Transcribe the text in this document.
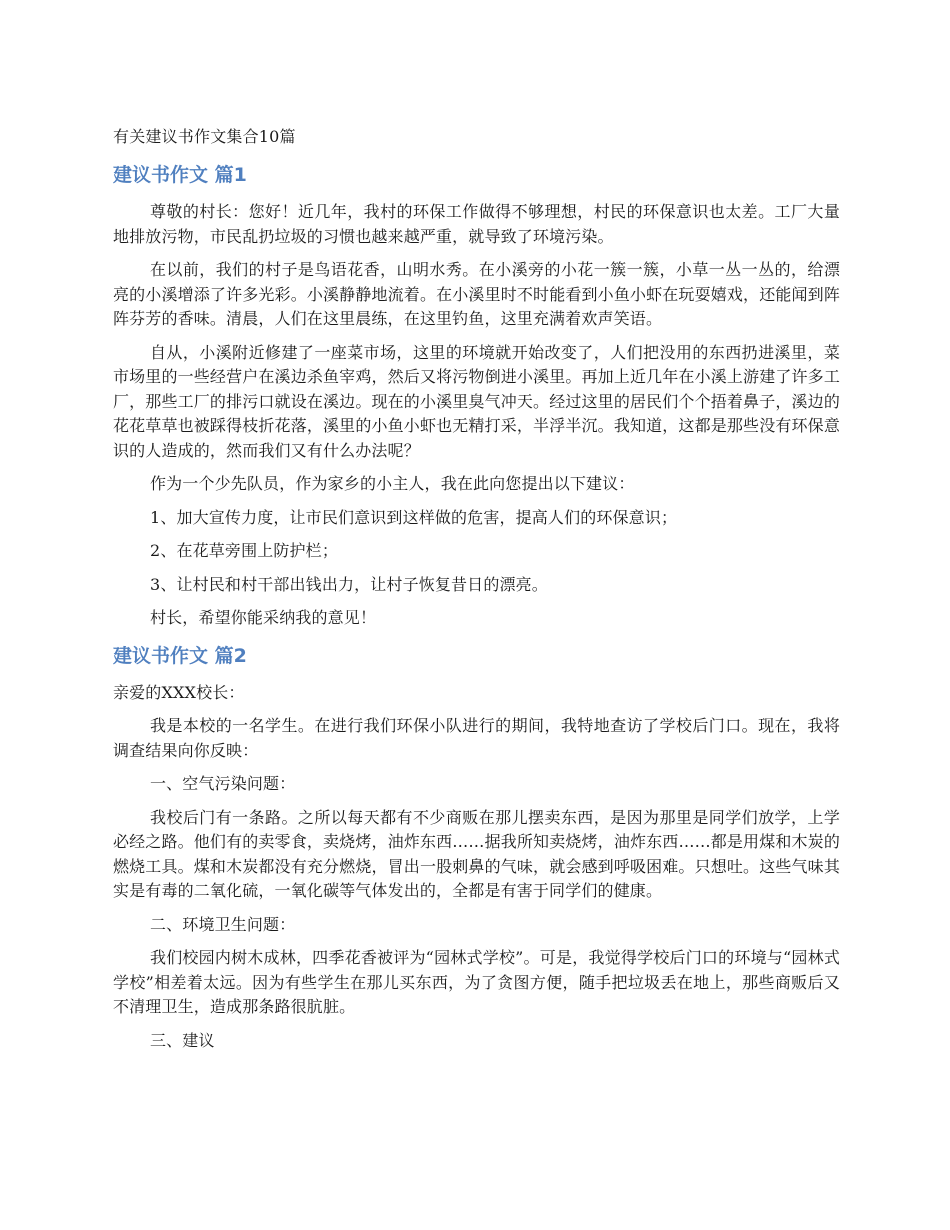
有关建议书作文集合10篇
建议书作文 篇1

尊敬的村长：您好！近几年，我村的环保工作做得不够理想，村民的环保意识也太差。工厂大量地排放污物，市民乱扔垃圾的习惯也越来越严重，就导致了环境污染。

在以前，我们的村子是鸟语花香，山明水秀。在小溪旁的小花一簇一簇，小草一丛一丛的，给漂亮的小溪增添了许多光彩。小溪静静地流着。在小溪里时不时能看到小鱼小虾在玩耍嬉戏，还能闻到阵阵芬芳的香味。清晨，人们在这里晨练，在这里钓鱼，这里充满着欢声笑语。

自从，小溪附近修建了一座菜市场，这里的环境就开始改变了，人们把没用的东西扔进溪里，菜市场里的一些经营户在溪边杀鱼宰鸡，然后又将污物倒进小溪里。再加上近几年在小溪上游建了许多工厂，那些工厂的排污口就设在溪边。现在的小溪里臭气冲天。经过这里的居民们个个捂着鼻子，溪边的花花草草也被踩得枝折花落，溪里的小鱼小虾也无精打采，半浮半沉。我知道，这都是那些没有环保意识的人造成的，然而我们又有什么办法呢？

作为一个少先队员，作为家乡的小主人，我在此向您提出以下建议：

1、加大宣传力度，让市民们意识到这样做的危害，提高人们的环保意识；

2、在花草旁围上防护栏；

3、让村民和村干部出钱出力，让村子恢复昔日的漂亮。

村长，希望你能采纳我的意见！

建议书作文 篇2

亲爱的XXX校长：

我是本校的一名学生。在进行我们环保小队进行的期间，我特地查访了学校后门口。现在，我将调查结果向你反映：

一、空气污染问题：

我校后门有一条路。之所以每天都有不少商贩在那儿摆卖东西，是因为那里是同学们放学，上学必经之路。他们有的卖零食，卖烧烤，油炸东西……据我所知卖烧烤，油炸东西……都是用煤和木炭的燃烧工具。煤和木炭都没有充分燃烧，冒出一股刺鼻的气味，就会感到呼吸困难。只想吐。这些气味其实是有毒的二氧化硫，一氧化碳等气体发出的，全都是有害于同学们的健康。

二、环境卫生问题：

我们校园内树木成林，四季花香被评为“园林式学校”。可是，我觉得学校后门口的环境与“园林式学校”相差着太远。因为有些学生在那儿买东西，为了贪图方便，随手把垃圾丢在地上，那些商贩后又不清理卫生，造成那条路很肮脏。

三、建议
